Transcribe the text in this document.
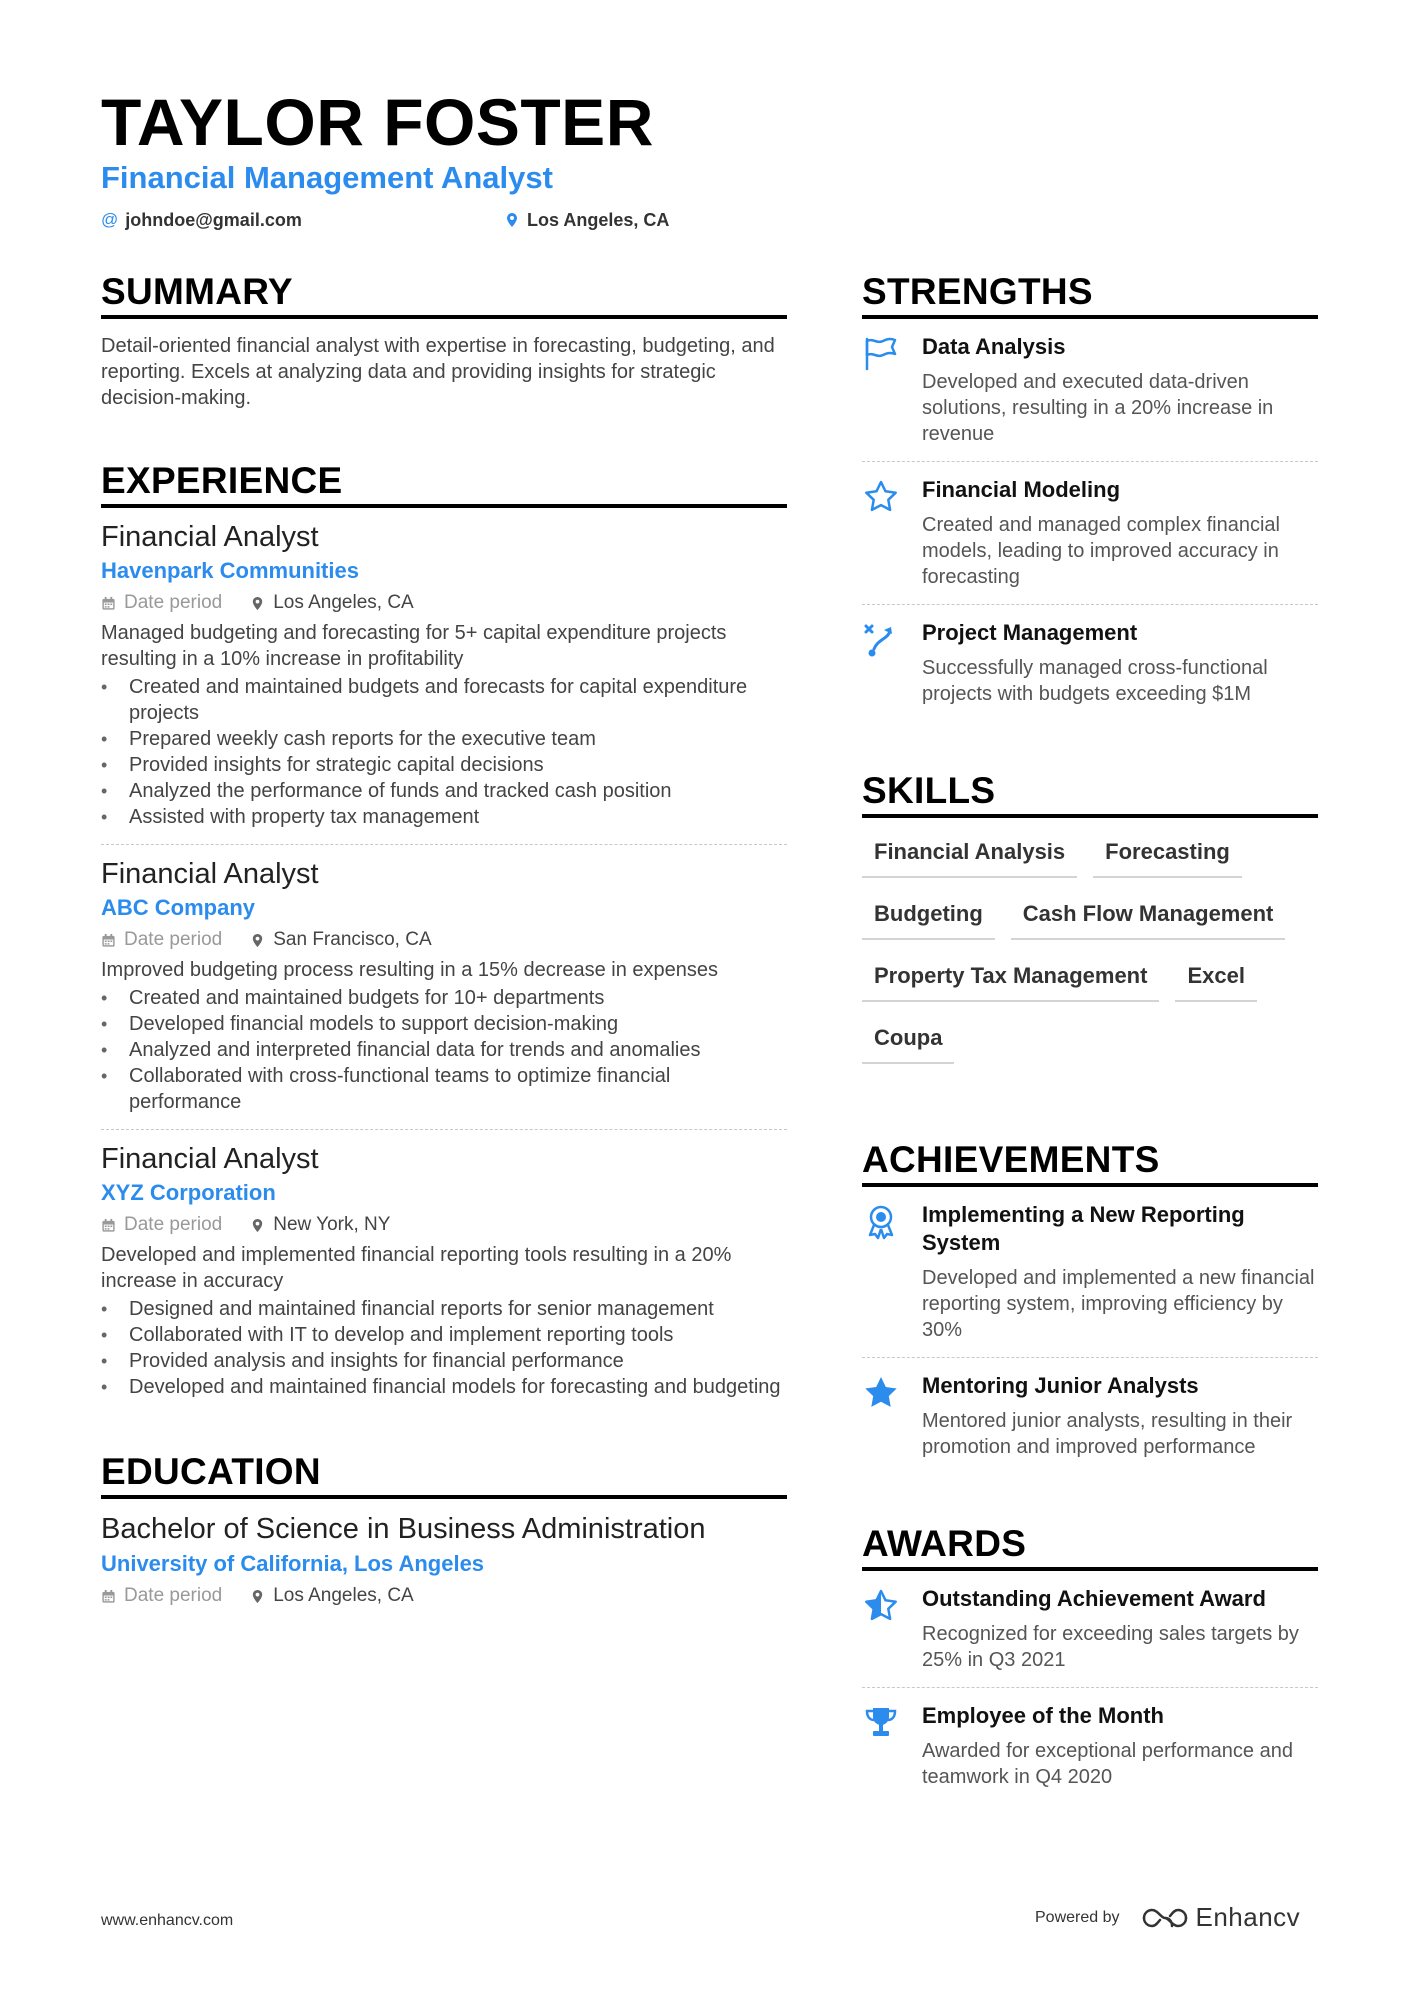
TAYLOR FOSTER
Financial Management Analyst
@ johndoe@gmail.com	Los Angeles, CA
SUMMARY
Detail-oriented financial analyst with expertise in forecasting, budgeting, and reporting. Excels at analyzing data and providing insights for strategic decision-making.
EXPERIENCE
Financial Analyst
Havenpark Communities
Date period	Los Angeles, CA
Managed budgeting and forecasting for 5+ capital expenditure projects resulting in a 10% increase in profitability
• Created and maintained budgets and forecasts for capital expenditure projects
• Prepared weekly cash reports for the executive team
• Provided insights for strategic capital decisions
• Analyzed the performance of funds and tracked cash position
• Assisted with property tax management
Financial Analyst
ABC Company
Date period	San Francisco, CA
Improved budgeting process resulting in a 15% decrease in expenses
• Created and maintained budgets for 10+ departments
• Developed financial models to support decision-making
• Analyzed and interpreted financial data for trends and anomalies
• Collaborated with cross-functional teams to optimize financial performance
Financial Analyst
XYZ Corporation
Date period	New York, NY
Developed and implemented financial reporting tools resulting in a 20% increase in accuracy
• Designed and maintained financial reports for senior management
• Collaborated with IT to develop and implement reporting tools
• Provided analysis and insights for financial performance
• Developed and maintained financial models for forecasting and budgeting
EDUCATION
Bachelor of Science in Business Administration
University of California, Los Angeles
Date period	Los Angeles, CA
STRENGTHS
Data Analysis
Developed and executed data-driven solutions, resulting in a 20% increase in revenue
Financial Modeling
Created and managed complex financial models, leading to improved accuracy in forecasting
Project Management
Successfully managed cross-functional projects with budgets exceeding $1M
SKILLS
Financial Analysis	Forecasting
Budgeting	Cash Flow Management
Property Tax Management	Excel
Coupa
ACHIEVEMENTS
Implementing a New Reporting System
Developed and implemented a new financial reporting system, improving efficiency by 30%
Mentoring Junior Analysts
Mentored junior analysts, resulting in their promotion and improved performance
AWARDS
Outstanding Achievement Award
Recognized for exceeding sales targets by 25% in Q3 2021
Employee of the Month
Awarded for exceptional performance and teamwork in Q4 2020
www.enhancv.com	Powered by	Enhancv
